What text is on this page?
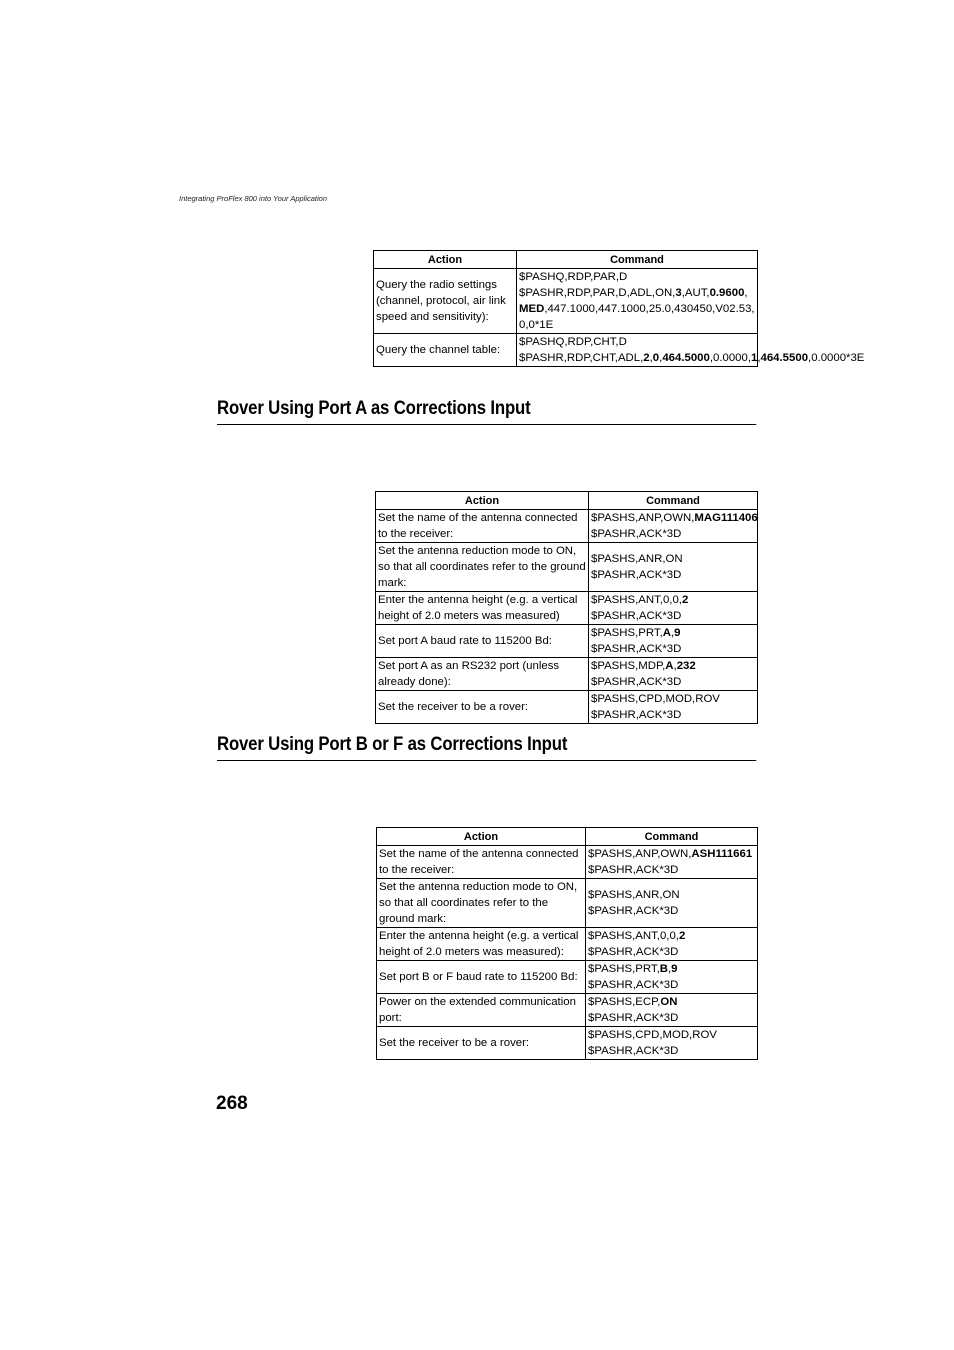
Integrating ProFlex 800 into Your Application
Action	Command
Query the radio settings (channel, protocol, air link speed and sensitivity):	$PASHQ,RDP,PAR,D
$PASHR,RDP,PAR,D,ADL,ON,3,AUT,0.9600,MED,447.1000,447.1000,25.0,430450,V02.53,0,0*1E

Query the channel table:	$PASHQ,RDP,CHT,D
$PASHR,RDP,CHT,ADL,2,0,464.5000,0.0000,1,464.5500,0.0000*3E
Rover Using Port A as Corrections Input
Action	Command
Set the name of the antenna connected to the receiver:	$PASHS,ANP,OWN,MAG111406
$PASHR,ACK*3D

Set the antenna reduction mode to ON, so that all coordinates refer to the ground mark:	$PASHS,ANR,ON
$PASHR,ACK*3D

Enter the antenna height (e.g. a vertical height of 2.0 meters was measured)	$PASHS,ANT,0,0,2
$PASHR,ACK*3D

Set port A baud rate to 115200 Bd:	$PASHS,PRT,A,9
$PASHR,ACK*3D

Set port A as an RS232 port (unless already done):	$PASHS,MDP,A,232
$PASHR,ACK*3D

Set the receiver to be a rover:	$PASHS,CPD,MOD,ROV
$PASHR,ACK*3D
Rover Using Port B or F as Corrections Input
Action	Command
Set the name of the antenna connected to the receiver:	$PASHS,ANP,OWN,ASH111661
$PASHR,ACK*3D

Set the antenna reduction mode to ON, so that all coordinates refer to the ground mark:	$PASHS,ANR,ON
$PASHR,ACK*3D

Enter the antenna height (e.g. a vertical height of 2.0 meters was measured):	$PASHS,ANT,0,0,2
$PASHR,ACK*3D

Set port B or F baud rate to 115200 Bd:	$PASHS,PRT,B,9
$PASHR,ACK*3D

Power on the extended communication port:	$PASHS,ECP,ON
$PASHR,ACK*3D

Set the receiver to be a rover:	$PASHS,CPD,MOD,ROV
$PASHR,ACK*3D
268
